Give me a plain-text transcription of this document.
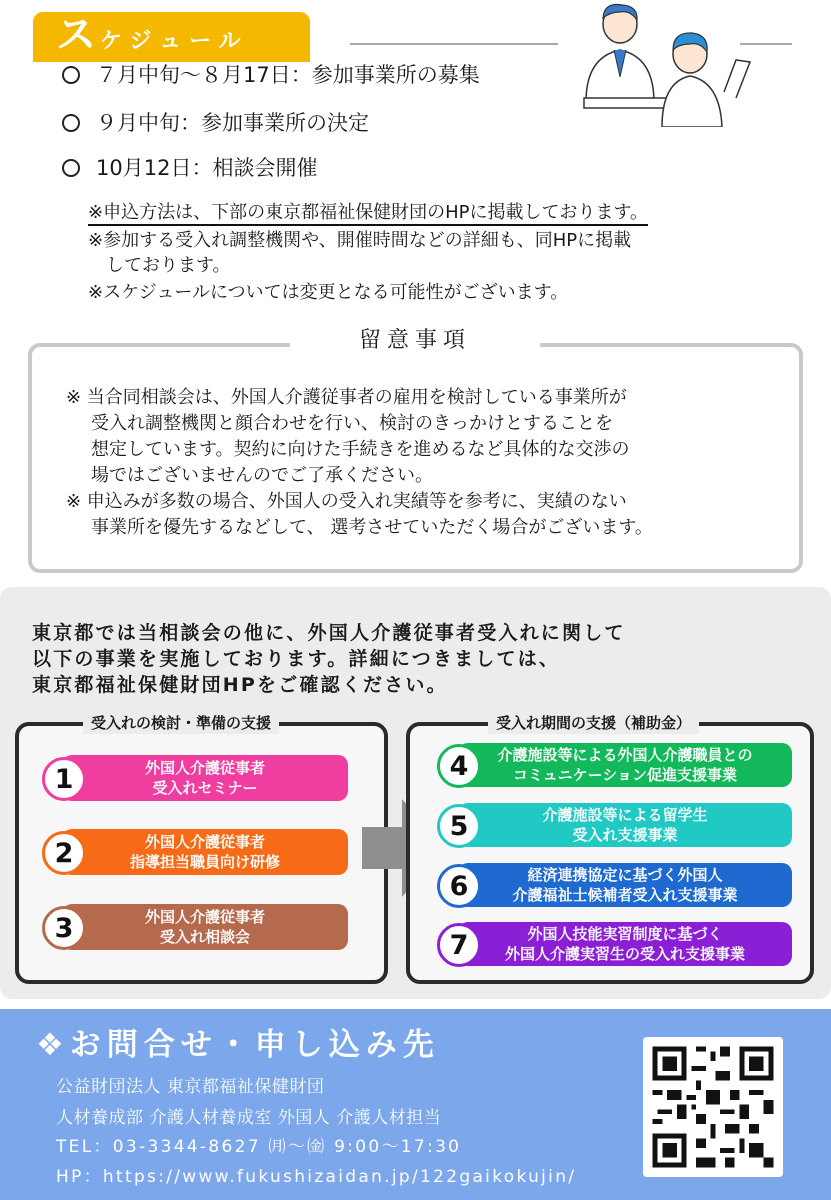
スケジュール
７月中旬～８月17日：参加事業所の募集
９月中旬：参加事業所の決定
10月12日：相談会開催
※申込方法は、下部の東京都福祉保健財団のHPに掲載しております。
※参加する受入れ調整機関や、開催時間などの詳細も、同HPに掲載
　しております。
※スケジュールについては変更となる可能性がございます。
留意事項
※ 当合同相談会は、外国人介護従事者の雇用を検討している事業所が
受入れ調整機関と顔合わせを行い、検討のきっかけとすることを
想定しています。契約に向けた手続きを進めるなど具体的な交渉の
場ではございませんのでご了承ください。
※ 申込みが多数の場合、外国人の受入れ実績等を参考に、実績のない
事業所を優先するなどして、 選考させていただく場合がございます。
東京都では当相談会の他に、外国人介護従事者受入れに関して
以下の事業を実施しております。詳細につきましては、
東京都福祉保健財団HPをご確認ください。
受入れの検討・準備の支援
外国人介護従事者
受入れセミナー
1
外国人介護従事者
指導担当職員向け研修
2
外国人介護従事者
受入れ相談会
3
受入れ期間の支援（補助金）
介護施設等による外国人介護職員との
コミュニケーション促進支援事業
4
介護施設等による留学生
受入れ支援事業
5
経済連携協定に基づく外国人
介護福祉士候補者受入れ支援事業
6
外国人技能実習制度に基づく
外国人介護実習生の受入れ支援事業
7
❖お問合せ・申し込み先
公益財団法人 東京都福祉保健財団
人材養成部 介護人材養成室 外国人 介護人材担当
TEL：03-3344-8627 ㈪～㈮ 9:00～17:30
HP：https://www.fukushizaidan.jp/122gaikokujin/
